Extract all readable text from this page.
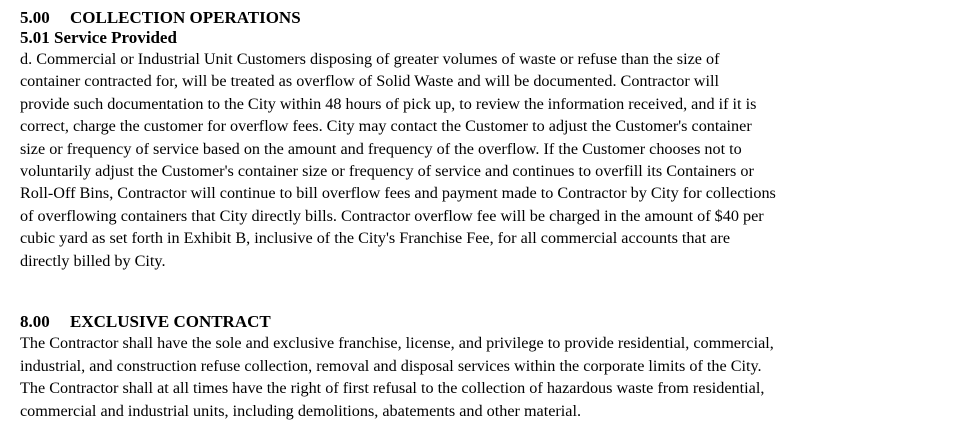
5.00 COLLECTION OPERATIONS
5.01 Service Provided
d. Commercial or Industrial Unit Customers disposing of greater volumes of waste or refuse than the size of
container contracted for, will be treated as overflow of Solid Waste and will be documented. Contractor will
provide such documentation to the City within 48 hours of pick up, to review the information received, and if it is
correct, charge the customer for overflow fees. City may contact the Customer to adjust the Customer's container
size or frequency of service based on the amount and frequency of the overflow. If the Customer chooses not to
voluntarily adjust the Customer's container size or frequency of service and continues to overfill its Containers or
Roll-Off Bins, Contractor will continue to bill overflow fees and payment made to Contractor by City for collections
of overflowing containers that City directly bills. Contractor overflow fee will be charged in the amount of $40 per
cubic yard as set forth in Exhibit B, inclusive of the City's Franchise Fee, for all commercial accounts that are
directly billed by City.
8.00 EXCLUSIVE CONTRACT
The Contractor shall have the sole and exclusive franchise, license, and privilege to provide residential, commercial,
industrial, and construction refuse collection, removal and disposal services within the corporate limits of the City.
The Contractor shall at all times have the right of first refusal to the collection of hazardous waste from residential,
commercial and industrial units, including demolitions, abatements and other material.
